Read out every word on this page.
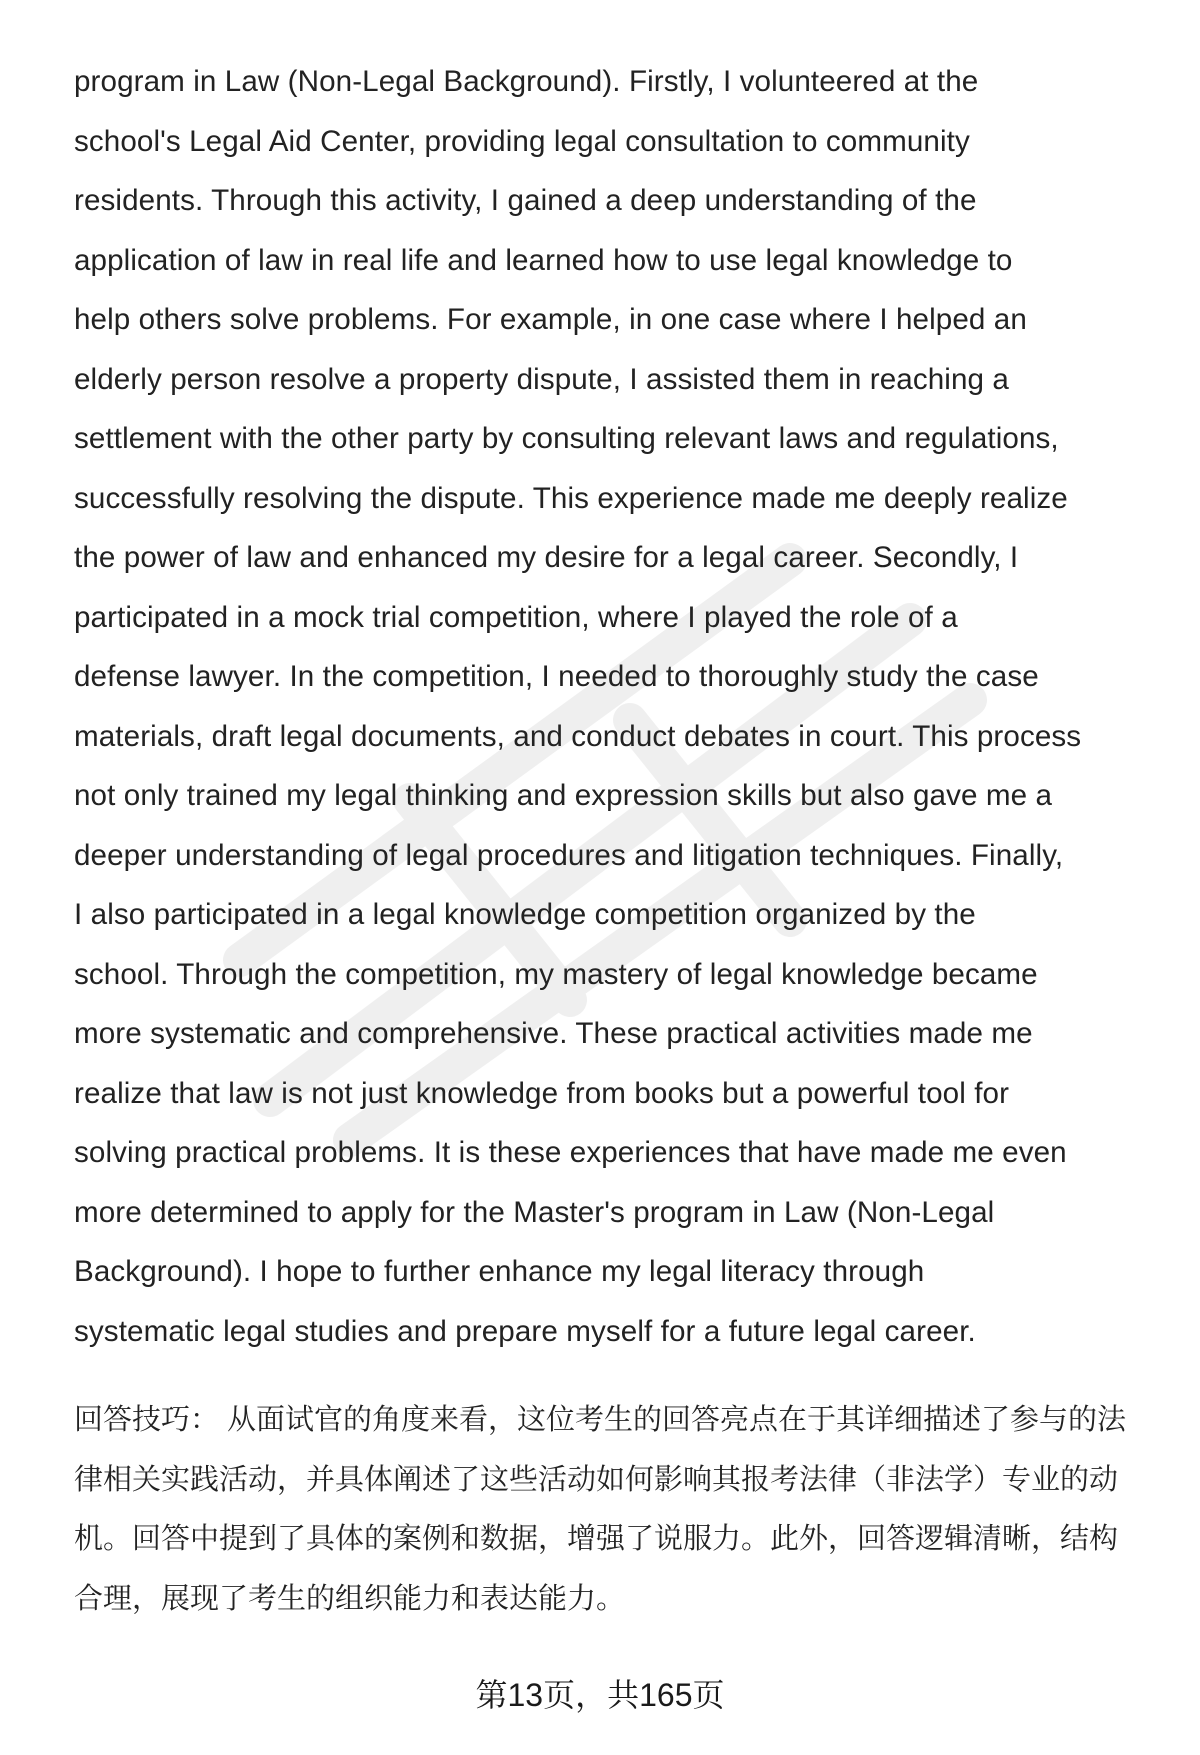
program in Law (Non-Legal Background). Firstly, I volunteered at the
school's Legal Aid Center, providing legal consultation to community
residents. Through this activity, I gained a deep understanding of the
application of law in real life and learned how to use legal knowledge to
help others solve problems. For example, in one case where I helped an
elderly person resolve a property dispute, I assisted them in reaching a
settlement with the other party by consulting relevant laws and regulations,
successfully resolving the dispute. This experience made me deeply realize
the power of law and enhanced my desire for a legal career. Secondly, I
participated in a mock trial competition, where I played the role of a
defense lawyer. In the competition, I needed to thoroughly study the case
materials, draft legal documents, and conduct debates in court. This process
not only trained my legal thinking and expression skills but also gave me a
deeper understanding of legal procedures and litigation techniques. Finally,
I also participated in a legal knowledge competition organized by the
school. Through the competition, my mastery of legal knowledge became
more systematic and comprehensive. These practical activities made me
realize that law is not just knowledge from books but a powerful tool for
solving practical problems. It is these experiences that have made me even
more determined to apply for the Master's program in Law (Non-Legal
Background). I hope to further enhance my legal literacy through
systematic legal studies and prepare myself for a future legal career.
回答技巧： 从面试官的角度来看，这位考生的回答亮点在于其详细描述了参与的法
律相关实践活动，并具体阐述了这些活动如何影响其报考法律（非法学）专业的动
机。回答中提到了具体的案例和数据，增强了说服力。此外，回答逻辑清晰，结构
合理，展现了考生的组织能力和表达能力。
第13页，共165页
